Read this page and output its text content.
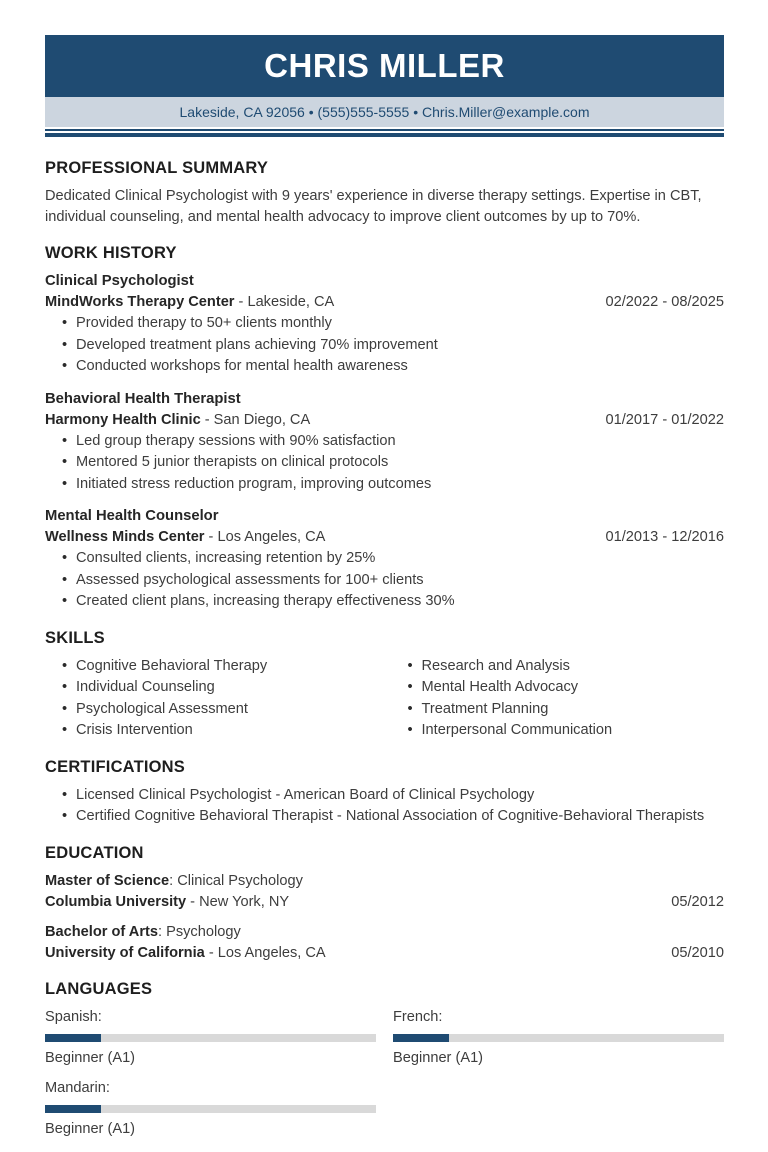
CHRIS MILLER
Lakeside, CA 92056 • (555)555-5555 • Chris.Miller@example.com
PROFESSIONAL SUMMARY

Dedicated Clinical Psychologist with 9 years' experience in diverse therapy settings. Expertise in CBT, individual counseling, and mental health advocacy to improve client outcomes by up to 70%.

WORK HISTORY
Clinical Psychologist
MindWorks Therapy Center - Lakeside, CA	02/2022 - 08/2025
• Provided therapy to 50+ clients monthly
• Developed treatment plans achieving 70% improvement
• Conducted workshops for mental health awareness
Behavioral Health Therapist
Harmony Health Clinic - San Diego, CA	01/2017 - 01/2022
• Led group therapy sessions with 90% satisfaction
• Mentored 5 junior therapists on clinical protocols
• Initiated stress reduction program, improving outcomes
Mental Health Counselor
Wellness Minds Center - Los Angeles, CA	01/2013 - 12/2016
• Consulted clients, increasing retention by 25%
• Assessed psychological assessments for 100+ clients
• Created client plans, increasing therapy effectiveness 30%
SKILLS
• Cognitive Behavioral Therapy
• Individual Counseling
• Psychological Assessment
• Crisis Intervention
• Research and Analysis
• Mental Health Advocacy
• Treatment Planning
• Interpersonal Communication
CERTIFICATIONS
• Licensed Clinical Psychologist - American Board of Clinical Psychology
• Certified Cognitive Behavioral Therapist - National Association of Cognitive-Behavioral Therapists
EDUCATION
Master of Science: Clinical Psychology
Columbia University - New York, NY	05/2012
Bachelor of Arts: Psychology
University of California - Los Angeles, CA	05/2010
LANGUAGES
Spanish:
Beginner (A1)
French:
Beginner (A1)
Mandarin:
Beginner (A1)
